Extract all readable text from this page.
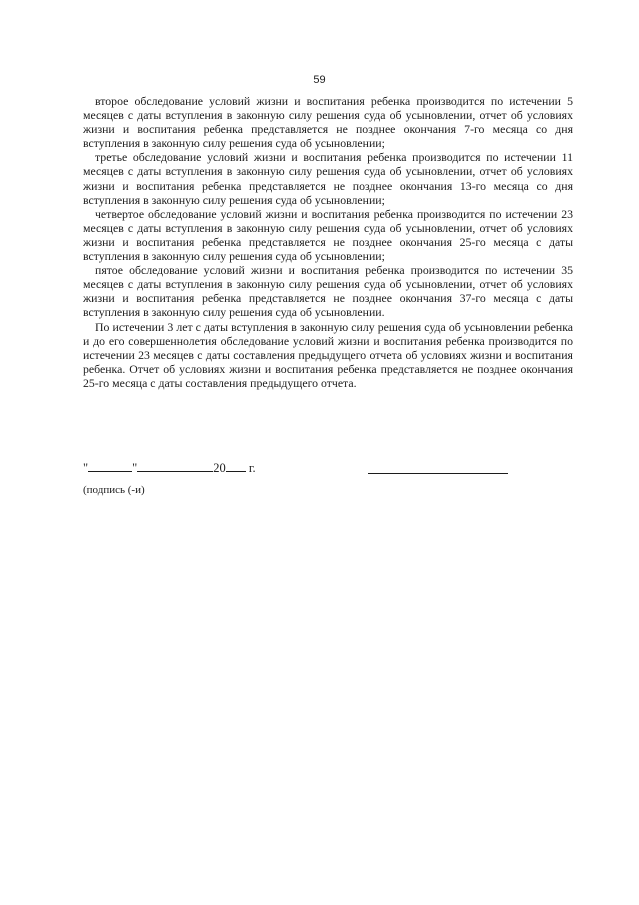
59

второе обследование условий жизни и воспитания ребенка производится по истечении 5 месяцев с даты вступления в законную силу решения суда об усыновлении, отчет об условиях жизни и воспитания ребенка представляется не позднее окончания 7-го месяца со дня вступления в законную силу решения суда об усыновлении;

третье обследование условий жизни и воспитания ребенка производится по истечении 11 месяцев с даты вступления в законную силу решения суда об усыновлении, отчет об условиях жизни и воспитания ребенка представляется не позднее окончания 13-го месяца со дня вступления в законную силу решения суда об усыновлении;

четвертое обследование условий жизни и воспитания ребенка производится по истечении 23 месяцев с даты вступления в законную силу решения суда об усыновлении, отчет об условиях жизни и воспитания ребенка представляется не позднее окончания 25-го месяца с даты вступления в законную силу решения суда об усыновлении;

пятое обследование условий жизни и воспитания ребенка производится по истечении 35 месяцев с даты вступления в законную силу решения суда об усыновлении, отчет об условиях жизни и воспитания ребенка представляется не позднее окончания 37-го месяца с даты вступления в законную силу решения суда об усыновлении.

По истечении 3 лет с даты вступления в законную силу решения суда об усыновлении ребенка и до его совершеннолетия обследование условий жизни и воспитания ребенка производится по истечении 23 месяцев с даты составления предыдущего отчета об условиях жизни и воспитания ребенка. Отчет об условиях жизни и воспитания ребенка представляется не позднее окончания 25-го месяца с даты составления предыдущего отчета.

"	"	20 г.
(подпись (-и)
